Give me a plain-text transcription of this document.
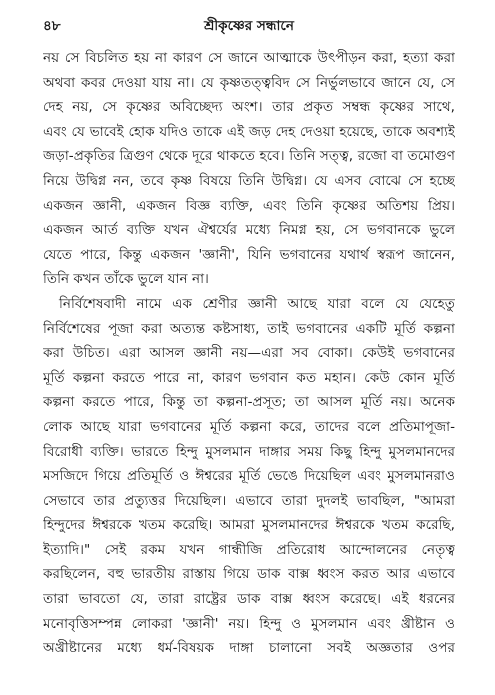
৪৮	শ্রীকৃষ্ণের সন্ধানে
নয় সে বিচলিত হয় না কারণ সে জানে আত্মাকে উৎপীড়ন করা, হত্যা করা
অথবা কবর দেওয়া যায় না। যে কৃষ্ণতত্ত্ববিদ সে নির্ভুলভাবে জানে যে, সে
দেহ নয়, সে কৃষ্ণের অবিচ্ছেদ্য অংশ। তার প্রকৃত সম্বন্ধ কৃষ্ণের সাথে,
এবং যে ভাবেই হোক যদিও তাকে এই জড় দেহ দেওয়া হয়েছে, তাকে অবশ্যই
জড়া-প্রকৃতির ত্রিগুণ থেকে দূরে থাকতে হবে। তিনি সত্ত্ব, রজো বা তমোগুণ
নিয়ে উদ্বিগ্ন নন, তবে কৃষ্ণ বিষয়ে তিনি উদ্বিগ্ন। যে এসব বোঝে সে হচ্ছে
একজন জ্ঞানী, একজন বিজ্ঞ ব্যক্তি, এবং তিনি কৃষ্ণের অতিশয় প্রিয়।
একজন আর্ত ব্যক্তি যখন ঐশ্বর্যের মধ্যে নিমগ্ন হয়, সে ভগবানকে ভুলে
যেতে পারে, কিন্তু একজন 'জ্ঞানী', যিনি ভগবানের যথার্থ স্বরূপ জানেন,
তিনি কখন তাঁকে ভুলে যান না।
নির্বিশেষবাদী নামে এক শ্রেণীর জ্ঞানী আছে যারা বলে যে যেহেতু
নির্বিশেষের পূজা করা অত্যন্ত কষ্টসাধ্য, তাই ভগবানের একটি মূর্তি কল্পনা
করা উচিত। এরা আসল জ্ঞানী নয়—এরা সব বোকা। কেউই ভগবানের
মূর্তি কল্পনা করতে পারে না, কারণ ভগবান কত মহান। কেউ কোন মূর্তি
কল্পনা করতে পারে, কিন্তু তা কল্পনা-প্রসূত; তা আসল মূর্তি নয়। অনেক
লোক আছে যারা ভগবানের মূর্তি কল্পনা করে, তাদের বলে প্রতিমাপূজা-
বিরোধী ব্যক্তি। ভারতে হিন্দু মুসলমান দাঙ্গার সময় কিছু হিন্দু মুসলমানদের
মসজিদে গিয়ে প্রতিমূর্তি ও ঈশ্বরের মূর্তি ভেঙে দিয়েছিল এবং মুসলমানরাও
সেভাবে তার প্রত্যুত্তর দিয়েছিল। এভাবে তারা দুদলই ভাবছিল, "আমরা
হিন্দুদের ঈশ্বরকে খতম করেছি। আমরা মুসলমানদের ঈশ্বরকে খতম করেছি,
ইত্যাদি।" সেই রকম যখন গান্ধীজি প্রতিরোধ আন্দোলনের নেতৃত্ব
করছিলেন, বহু ভারতীয় রাস্তায় গিয়ে ডাক বাক্স ধ্বংস করত আর এভাবে
তারা ভাবতো যে, তারা রাষ্ট্রের ডাক বাক্স ধ্বংস করেছে। এই ধরনের
মনোবৃত্তিসম্পন্ন লোকরা 'জ্ঞানী' নয়। হিন্দু ও মুসলমান এবং খ্রীষ্টান ও
অখ্রীষ্টানের মধ্যে ধর্ম-বিষয়ক দাঙ্গা চালানো সবই অজ্ঞতার ওপর
